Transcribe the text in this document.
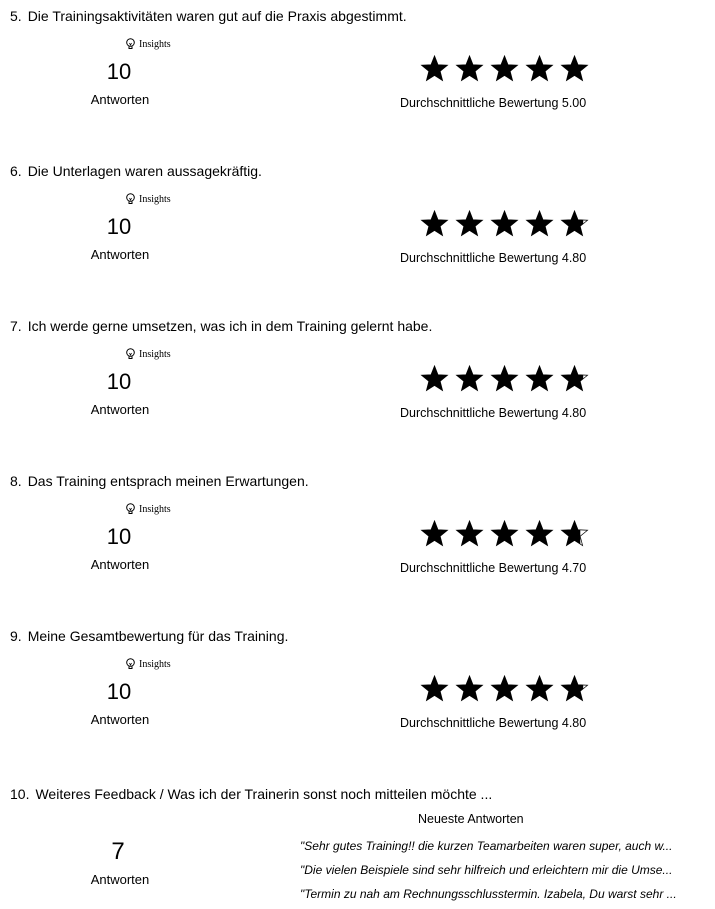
5. Die Trainingsaktivitäten waren gut auf die Praxis abgestimmt.
Insights
10
Antworten	Durchschnittliche Bewertung 5.00
6. Die Unterlagen waren aussagekräftig.
Insights
10
Antworten	Durchschnittliche Bewertung 4.80
7. Ich werde gerne umsetzen, was ich in dem Training gelernt habe.
Insights
10
Antworten	Durchschnittliche Bewertung 4.80
8. Das Training entsprach meinen Erwartungen.
Insights
10
Antworten	Durchschnittliche Bewertung 4.70
9. Meine Gesamtbewertung für das Training.
Insights
10
Antworten	Durchschnittliche Bewertung 4.80
10. Weiteres Feedback / Was ich der Trainerin sonst noch mitteilen möchte ...
Neueste Antworten
7
Antworten
"Sehr gutes Training!! die kurzen Teamarbeiten waren super, auch w...
"Die vielen Beispiele sind sehr hilfreich und erleichtern mir die Umse...
"Termin zu nah am Rechnungsschlusstermin. Izabela, Du warst sehr ...
